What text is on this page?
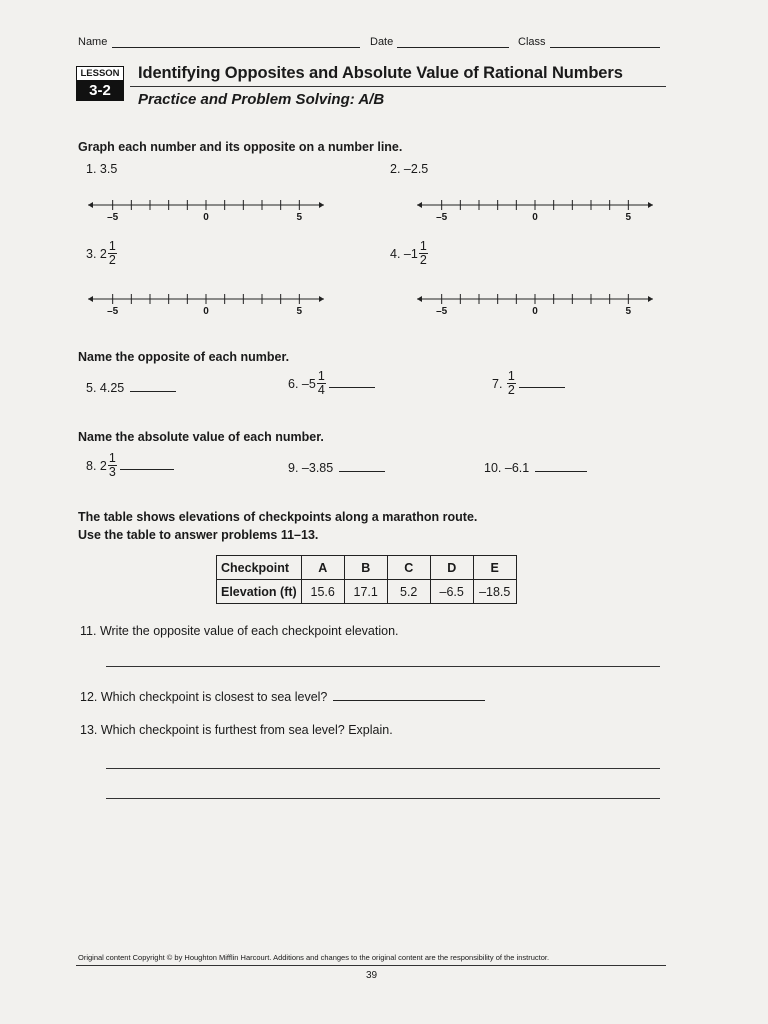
Name	Date	Class
LESSON
3-2
Identifying Opposites and Absolute Value of Rational Numbers
Practice and Problem Solving: A/B
Graph each number and its opposite on a number line.
1. 3.5	2. –2.5
3.
$2 \frac{1}{2}$	4.
$-1 \frac{1}{2}$
–5	0	5	–5	0	5
–5	0	5	–5	0	5
Name the opposite of each number.
5. 4.25	6.
$-5 \frac{1}{4}$	7.
$\frac{1}{2}$
Name the absolute value of each number.
8.
$2 \frac{1}{3}$	9. –3.85	10. –6.1
The table shows elevations of checkpoints along a marathon route.
Use the table to answer problems 11–13.
Checkpoint	A	B	C	D	E
Elevation (ft)	15.6	17.1	5.2	–6.5	–18.5
11. Write the opposite value of each checkpoint elevation.
12. Which checkpoint is closest to sea level?
13. Which checkpoint is furthest from sea level? Explain.
Original content Copyright © by Houghton Mifflin Harcourt. Additions and changes to the original content are the responsibility of the instructor.
39
